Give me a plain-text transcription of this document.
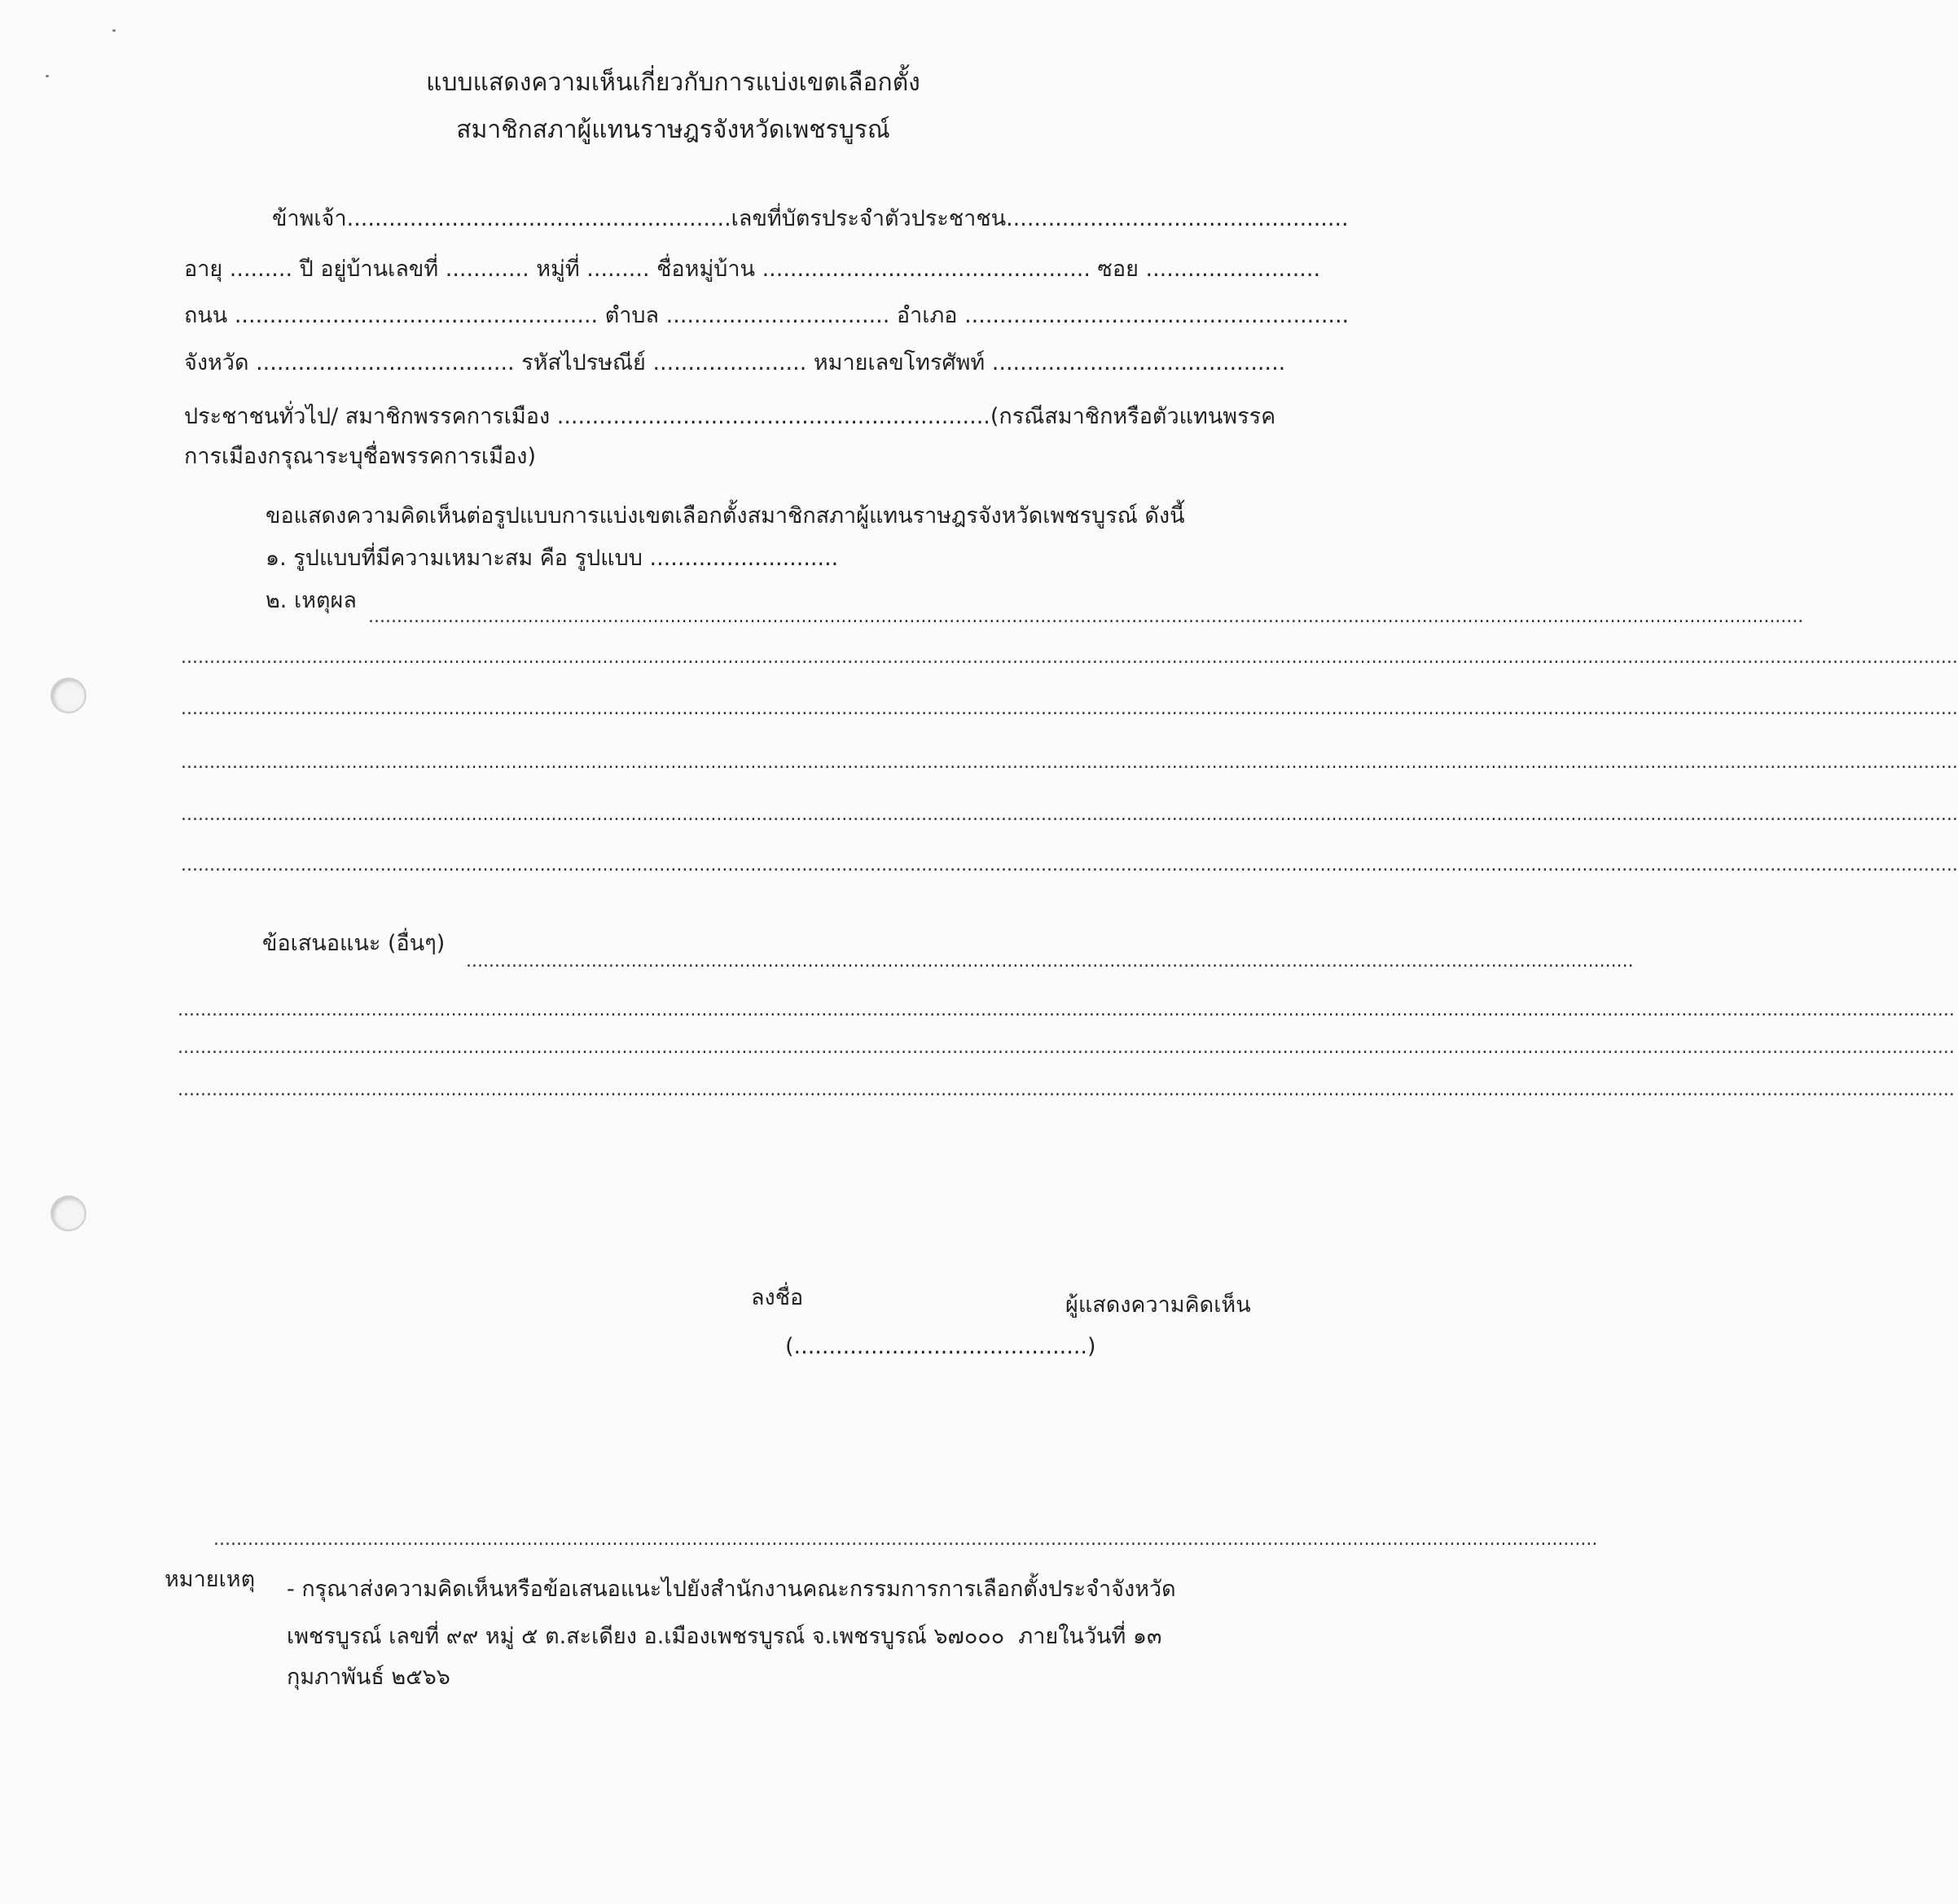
แบบแสดงความเห็นเกี่ยวกับการแบ่งเขตเลือกตั้ง
สมาชิกสภาผู้แทนราษฎรจังหวัดเพชรบูรณ์
ข้าพเจ้า.......................................................เลขที่บัตรประจำตัวประชาชน.................................................
อายุ ......... ปี อยู่บ้านเลขที่ ............ หมู่ที่ ......... ชื่อหมู่บ้าน ............................................... ซอย .........................
ถนน .................................................... ตำบล ................................ อำเภอ .......................................................
จังหวัด ..................................... รหัสไปรษณีย์ ...................... หมายเลขโทรศัพท์ ..........................................
ประชาชนทั่วไป/ สมาชิกพรรคการเมือง ..............................................................(กรณีสมาชิกหรือตัวแทนพรรค
การเมืองกรุณาระบุชื่อพรรคการเมือง)
ขอแสดงความคิดเห็นต่อรูปแบบการแบ่งเขตเลือกตั้งสมาชิกสภาผู้แทนราษฎรจังหวัดเพชรบูรณ์ ดังนี้
๑. รูปแบบที่มีความเหมาะสม คือ รูปแบบ ...........................
๒. เหตุผล
............................................................................................................................................................................................................................................................
........................................................................................................................................................................................................................................................................................................................
........................................................................................................................................................................................................................................................................................................................
........................................................................................................................................................................................................................................................................................................................
........................................................................................................................................................................................................................................................................................................................
........................................................................................................................................................................................................................................................................................................................
ข้อเสนอแนะ (อื่นๆ)
.............................................................................................................................................................................................................
........................................................................................................................................................................................................................................................................................................................
........................................................................................................................................................................................................................................................................................................................
........................................................................................................................................................................................................................................................................................................................
ลงชื่อ	ผู้แสดงความคิดเห็น
(..........................................)
...................................................................................................................................................................................................................................................
หมายเหตุ - กรุณาส่งความคิดเห็นหรือข้อเสนอแนะไปยังสำนักงานคณะกรรมการการเลือกตั้งประจำจังหวัด
เพชรบูรณ์ เลขที่ ๙๙ หมู่ ๕ ต.สะเดียง อ.เมืองเพชรบูรณ์ จ.เพชรบูรณ์ ๖๗๐๐๐  ภายในวันที่ ๑๓
กุมภาพันธ์ ๒๕๖๖
